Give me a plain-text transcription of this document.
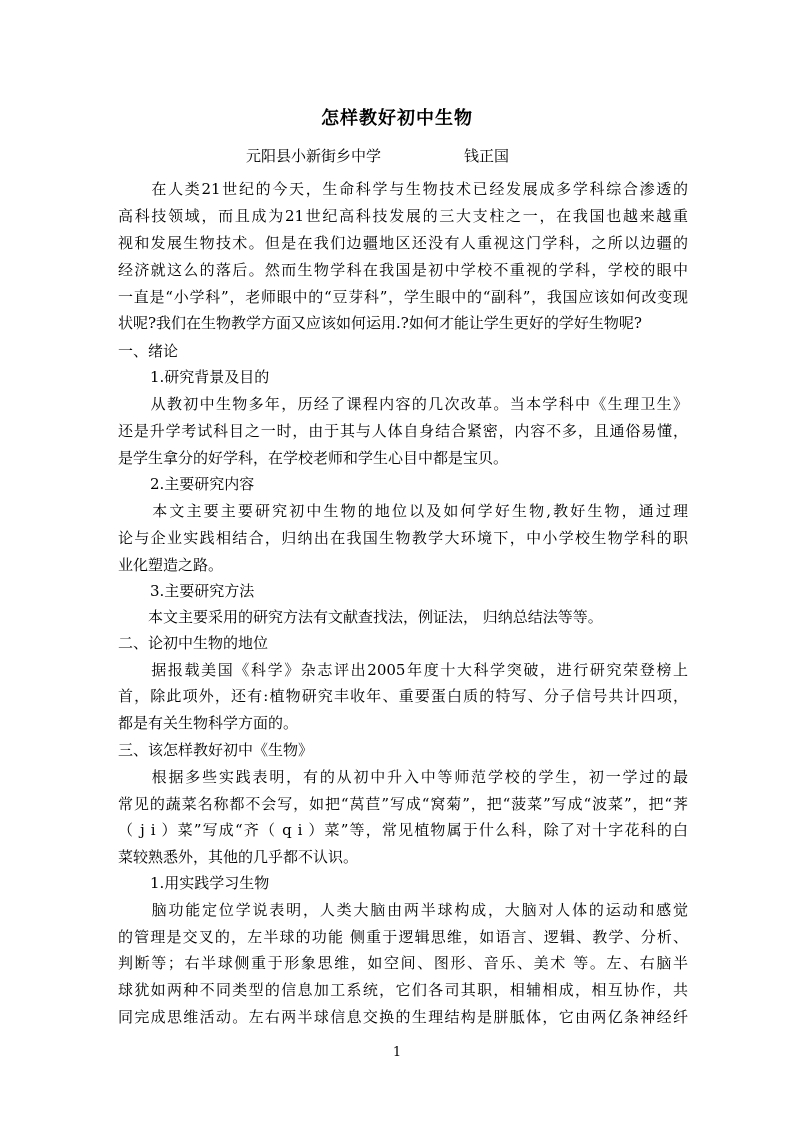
怎样教好初中生物
元阳县小新街乡中学	钱正国
　　在人类21世纪的今天，生命科学与生物技术已经发展成多学科综合渗透的
高科技领域，而且成为21世纪高科技发展的三大支柱之一，在我国也越来越重
视和发展生物技术。但是在我们边疆地区还没有人重视这门学科，之所以边疆的
经济就这么的落后。然而生物学科在我国是初中学校不重视的学科，学校的眼中
一直是“小学科”，老师眼中的“豆芽科”，学生眼中的“副科”，我国应该如何改变现
状呢?我们在生物教学方面又应该如何运用.?如何才能让学生更好的学好生物呢?
一、绪论
1.研究背景及目的
　　从教初中生物多年，历经了课程内容的几次改革。当本学科中《生理卫生》
还是升学考试科目之一时，由于其与人体自身结合紧密，内容不多，且通俗易懂，
是学生拿分的好学科，在学校老师和学生心目中都是宝贝。
2.主要研究内容
　　本文主要主要研究初中生物的地位以及如何学好生物,教好生物，通过理
论与企业实践相结合，归纳出在我国生物教学大环境下，中小学校生物学科的职
业化塑造之路。
3.主要研究方法
　　本文主要采用的研究方法有文献查找法，例证法， 归纳总结法等等。
二、论初中生物的地位
　　据报载美国《科学》杂志评出2005年度十大科学突破，进行研究荣登榜上
首，除此项外，还有:植物研究丰收年、重要蛋白质的特写、分子信号共计四项，
都是有关生物科学方面的。
三、该怎样教好初中《生物》
　　根据多些实践表明，有的从初中升入中等师范学校的学生，初一学过的最
常见的蔬菜名称都不会写，如把“莴苣”写成“窝菊”，把“菠菜”写成“波菜”，把“荠
（ j i ）菜”写成“齐（ q i ）菜”等，常见植物属于什么科，除了对十字花科的白
菜较熟悉外，其他的几乎都不认识。
1.用实践学习生物
　　脑功能定位学说表明，人类大脑由两半球构成，大脑对人体的运动和感觉
的管理是交叉的，左半球的功能 侧重于逻辑思维，如语言、逻辑、教学、分析、
判断等；右半球侧重于形象思维，如空间、图形、音乐、美术 等。左、右脑半
球犹如两种不同类型的信息加工系统，它们各司其职，相辅相成，相互协作，共
同完成思维活动。左右两半球信息交换的生理结构是胼胝体，它由两亿条神经纤
1
